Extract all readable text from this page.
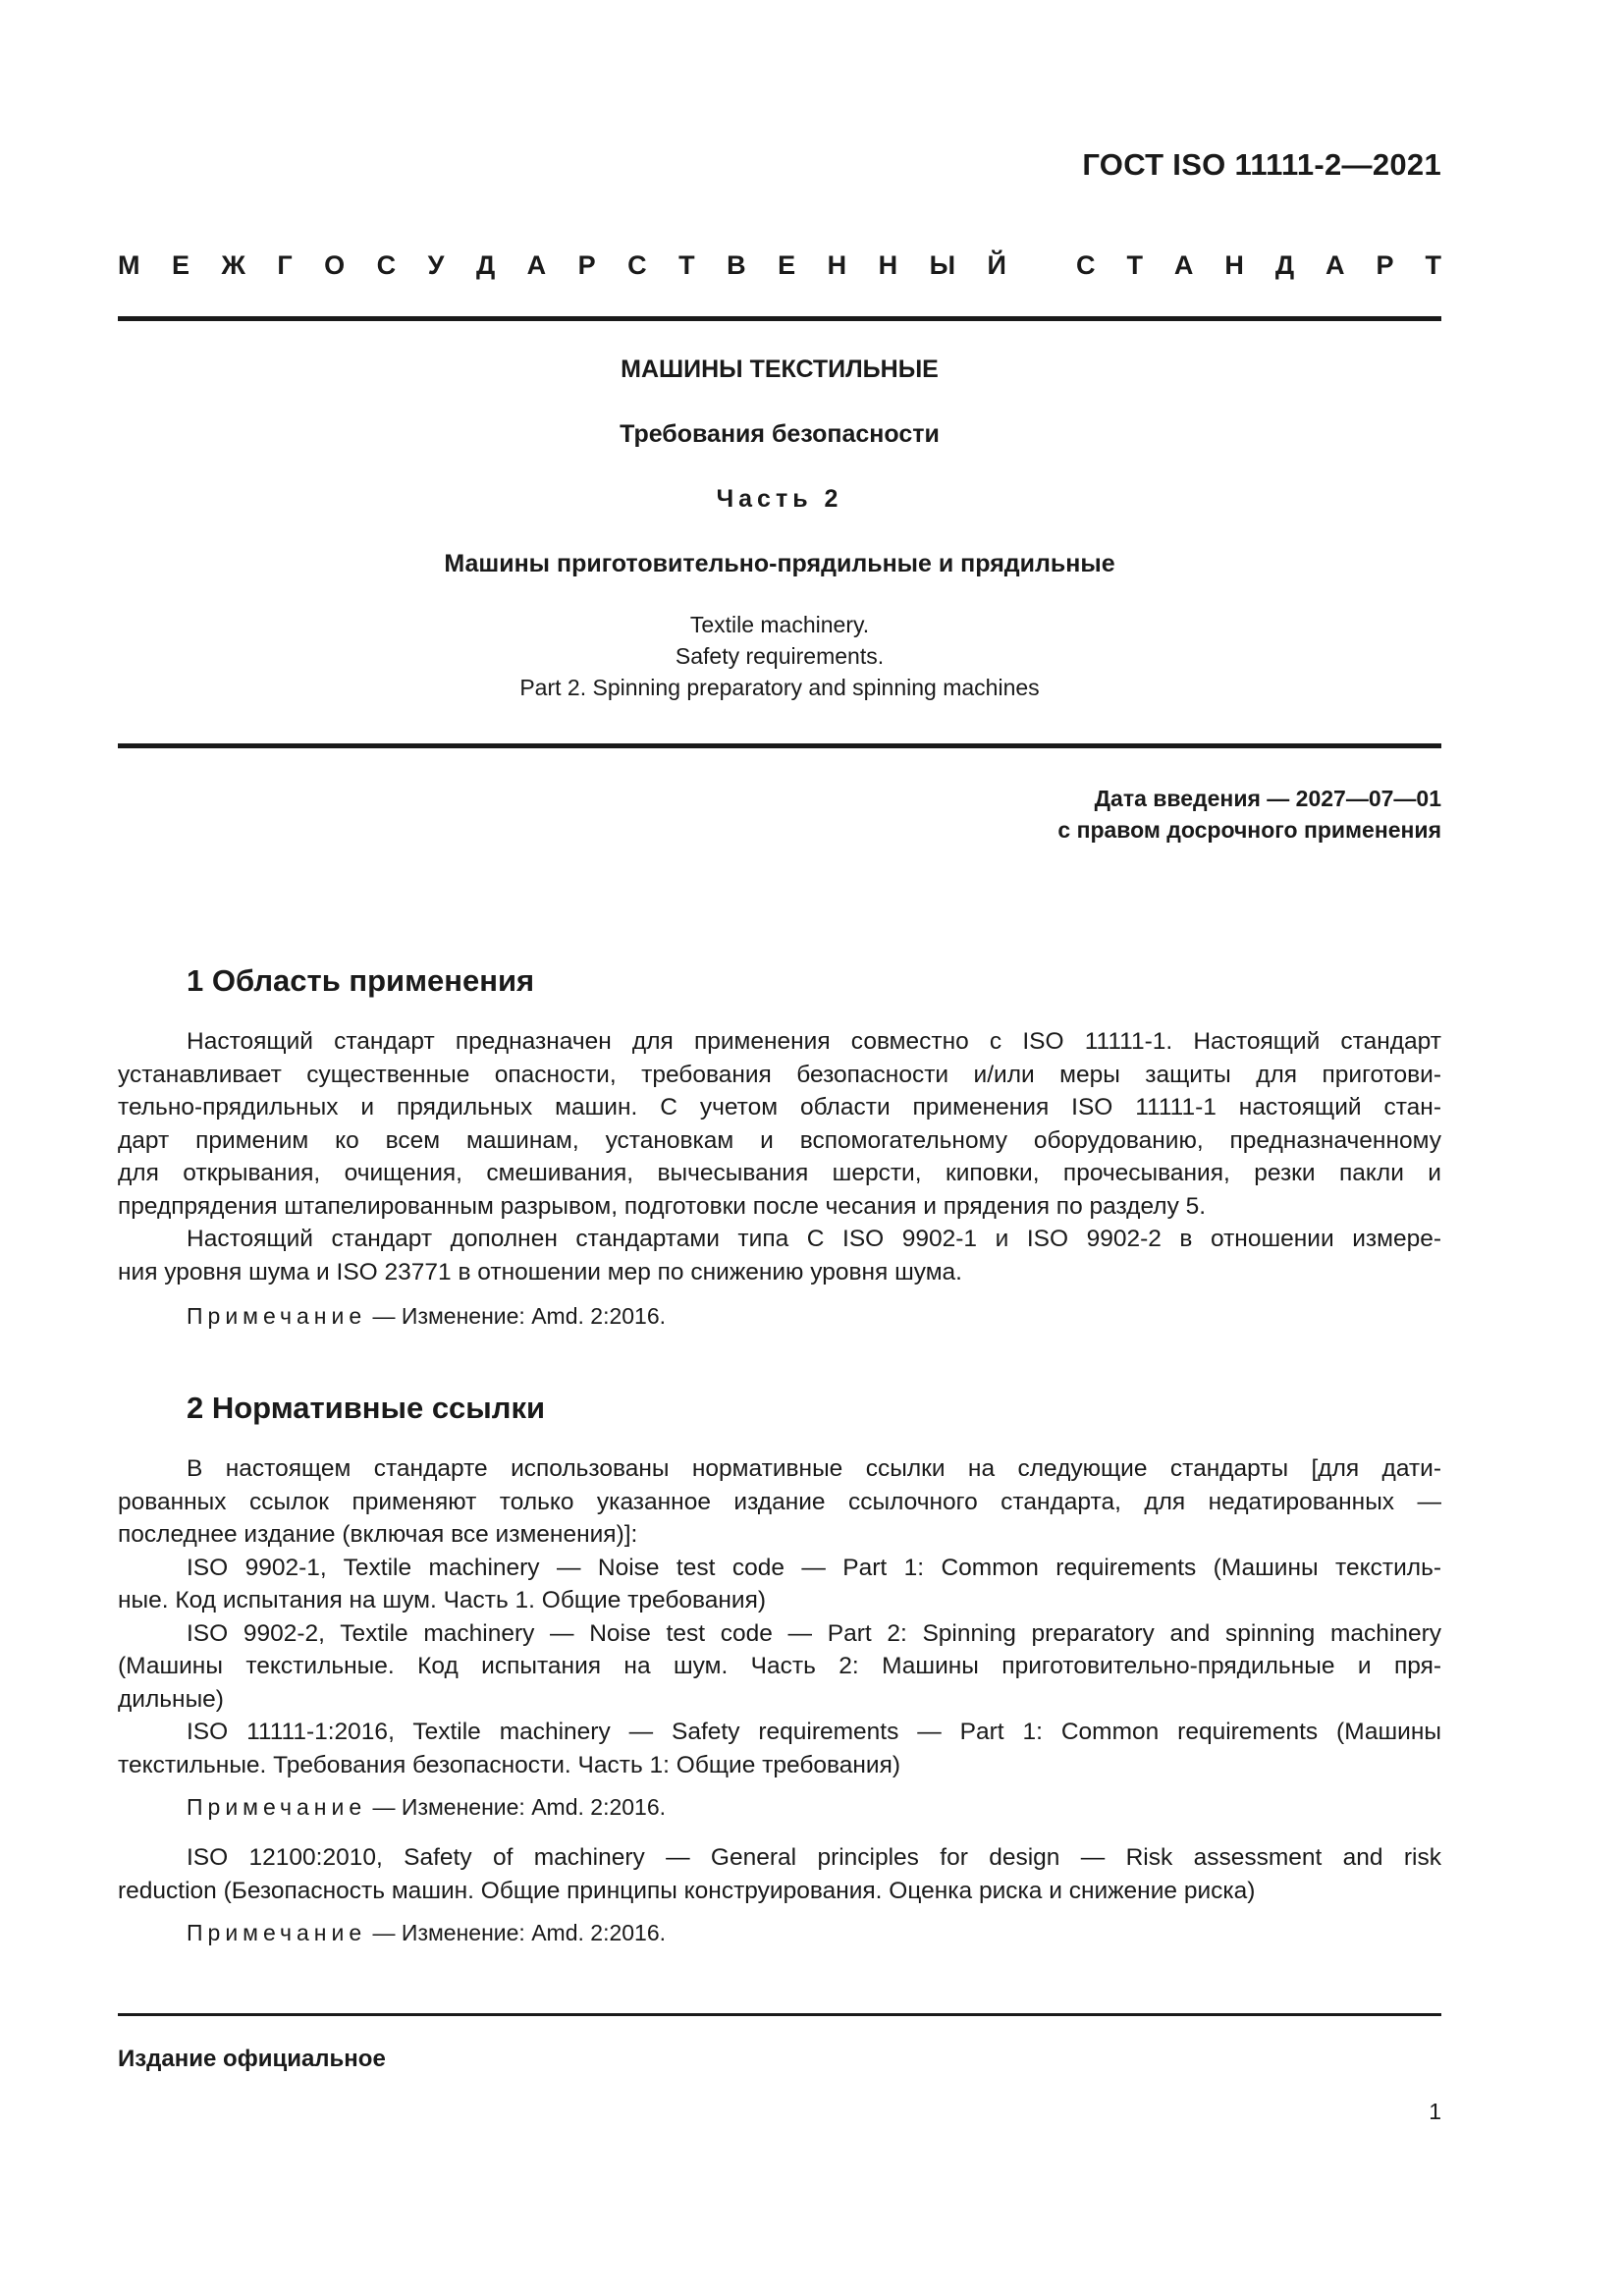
ГОСТ ISO 11111-2—2021
М Е Ж Г О С У Д А Р С Т В Е Н Н Ы Й	С Т А Н Д А Р Т
МАШИНЫ ТЕКСТИЛЬНЫЕ
Требования безопасности
Часть 2
Машины приготовительно-прядильные и прядильные
Textile machinery.
Safety requirements.
Part 2. Spinning preparatory and spinning machines
Дата введения — 2027—07—01
с правом досрочного применения
1 Область применения
Настоящий стандарт предназначен для применения совместно с ISO 11111-1. Настоящий стандарт
устанавливает существенные опасности, требования безопасности и/или меры защиты для приготови-
тельно-прядильных и прядильных машин. С учетом области применения ISO 11111-1 настоящий стан-
дарт применим ко всем машинам, установкам и вспомогательному оборудованию, предназначенному
для открывания, очищения, смешивания, вычесывания шерсти, киповки, прочесывания, резки пакли и
предпрядения штапелированным разрывом, подготовки после чесания и прядения по разделу 5.
Настоящий стандарт дополнен стандартами типа С ISO 9902-1 и ISO 9902-2 в отношении измере-
ния уровня шума и ISO 23771 в отношении мер по снижению уровня шума.
Примечание — Изменение: Amd. 2:2016.
2 Нормативные ссылки
В настоящем стандарте использованы нормативные ссылки на следующие стандарты [для дати-
рованных ссылок применяют только указанное издание ссылочного стандарта, для недатированных —
последнее издание (включая все изменения)]:
ISO 9902-1, Textile machinery — Noise test code — Part 1: Common requirements (Машины текстиль-
ные. Код испытания на шум. Часть 1. Общие требования)
ISO 9902-2, Textile machinery — Noise test code — Part 2: Spinning preparatory and spinning machinery
(Машины текстильные. Код испытания на шум. Часть 2: Машины приготовительно-прядильные и пря-
дильные)
ISO 11111-1:2016, Textile machinery — Safety requirements — Part 1: Common requirements (Машины
текстильные. Требования безопасности. Часть 1: Общие требования)
Примечание — Изменение: Amd. 2:2016.
ISO 12100:2010, Safety of machinery — General principles for design — Risk assessment and risk
reduction (Безопасность машин. Общие принципы конструирования. Оценка риска и снижение риска)
Примечание — Изменение: Amd. 2:2016.
Издание официальное
1
